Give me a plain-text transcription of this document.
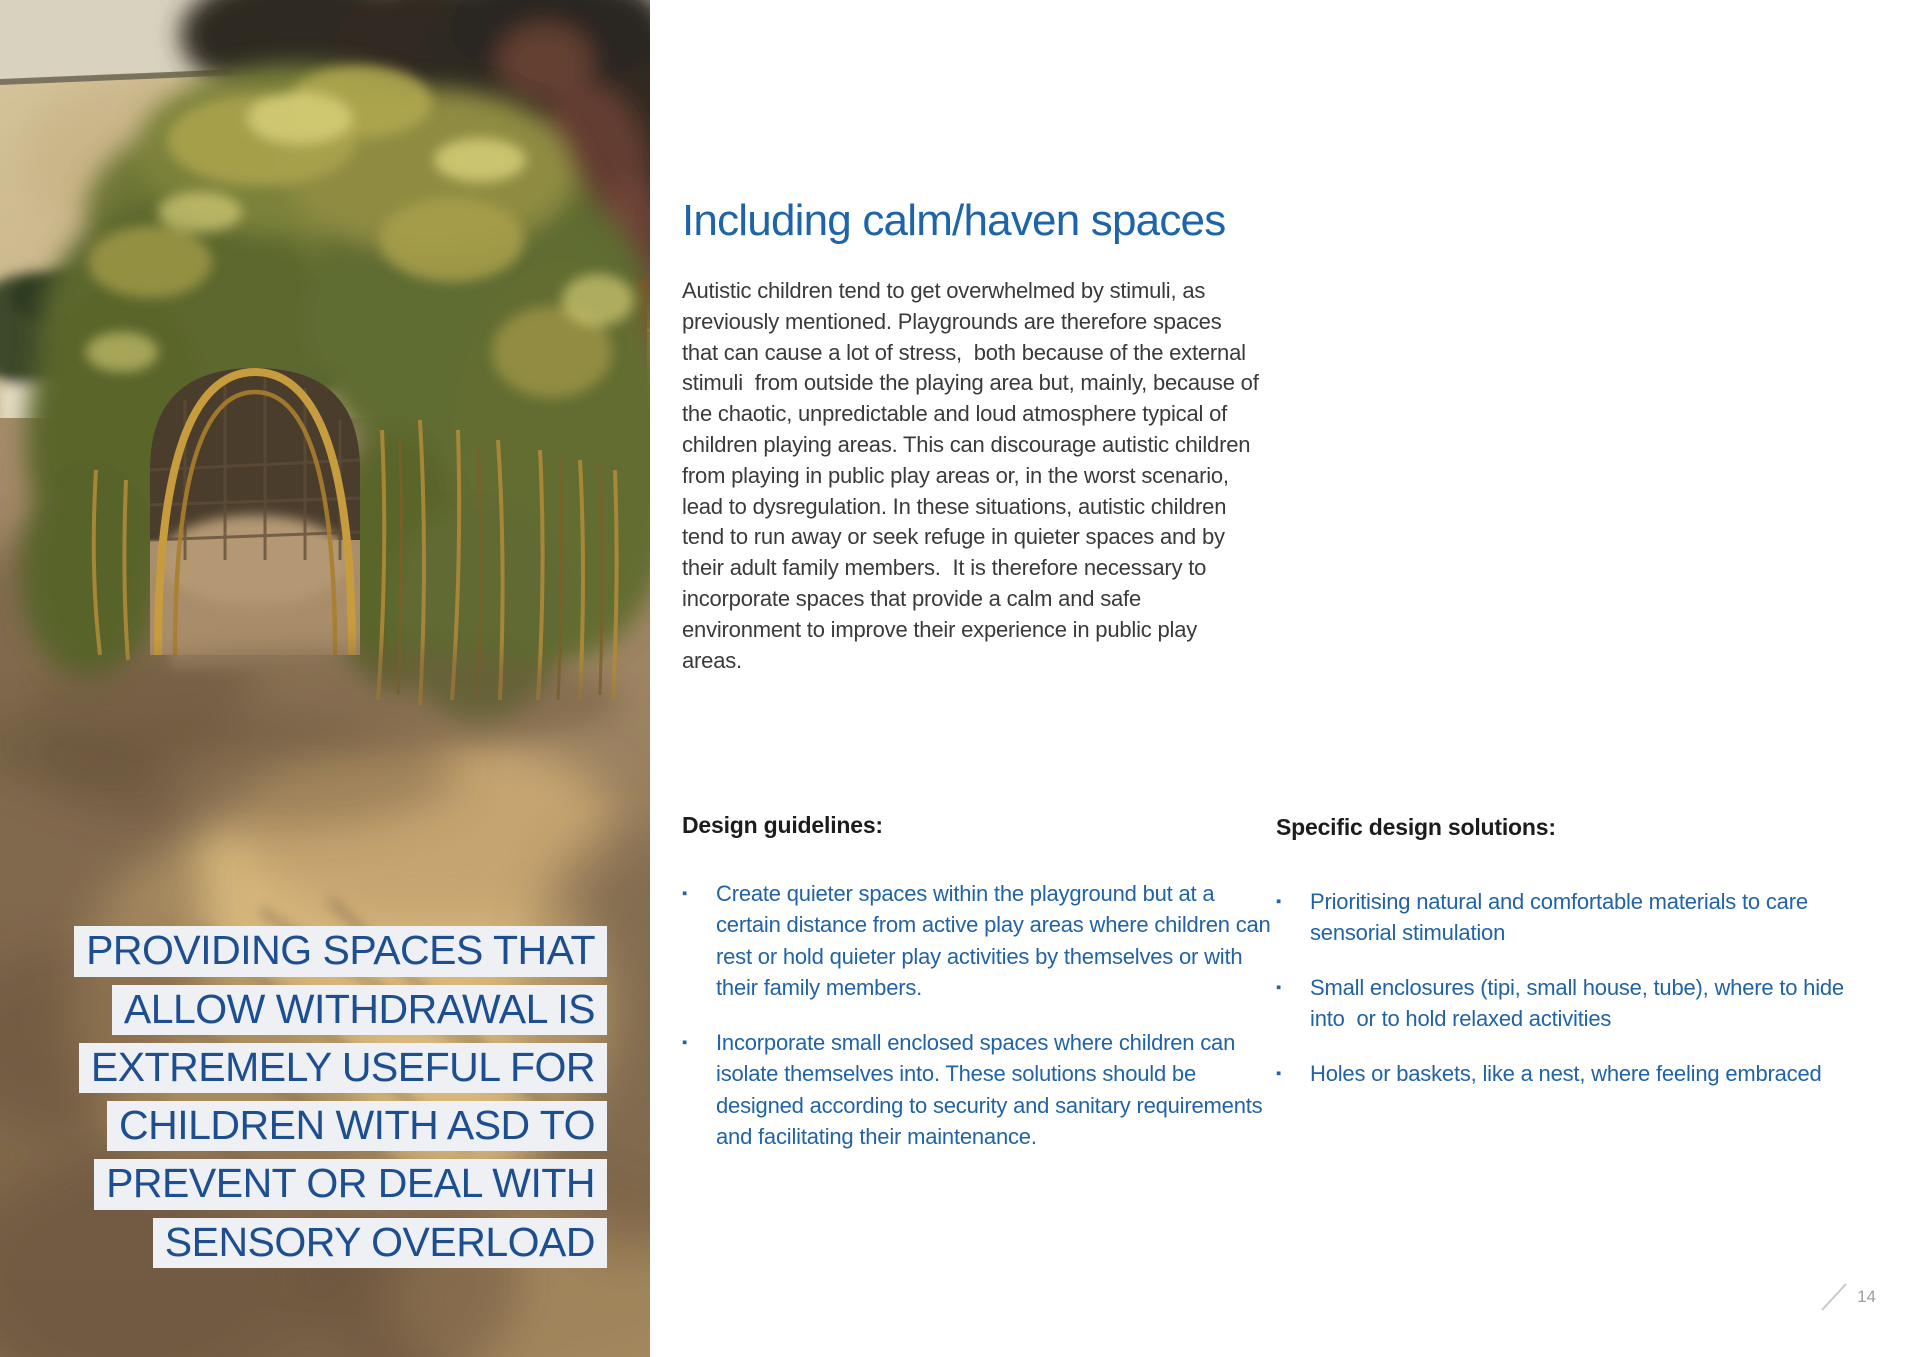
PROVIDING SPACES THAT
ALLOW WITHDRAWAL IS
EXTREMELY USEFUL FOR
CHILDREN WITH ASD TO
PREVENT OR DEAL WITH
SENSORY OVERLOAD
Including calm/haven spaces

Autistic children tend to get overwhelmed by stimuli, as previously mentioned. Playgrounds are therefore spaces that can cause a lot of stress,  both because of the external stimuli  from outside the playing area but, mainly, because of the chaotic, unpredictable and loud atmosphere typical of children playing areas. This can discourage autistic children from playing in public play areas or, in the worst scenario, lead to dysregulation. In these situations, autistic children tend to run away or seek refuge in quieter spaces and by their adult family members.  It is therefore necessary to incorporate spaces that provide a calm and safe environment to improve their experience in public play areas.

Design guidelines:
▪	Create quieter spaces within the playground but at a certain distance from active play areas where children can rest or hold quieter play activities by themselves or with their family members.
▪	Incorporate small enclosed spaces where children can isolate themselves into. These solutions should be designed according to security and sanitary requirements and facilitating their maintenance.
Specific design solutions:
▪	Prioritising natural and comfortable materials to care sensorial stimulation
▪	Small enclosures (tipi, small house, tube), where to hide into  or to hold relaxed activities
▪	Holes or baskets, like a nest, where feeling embraced
14
